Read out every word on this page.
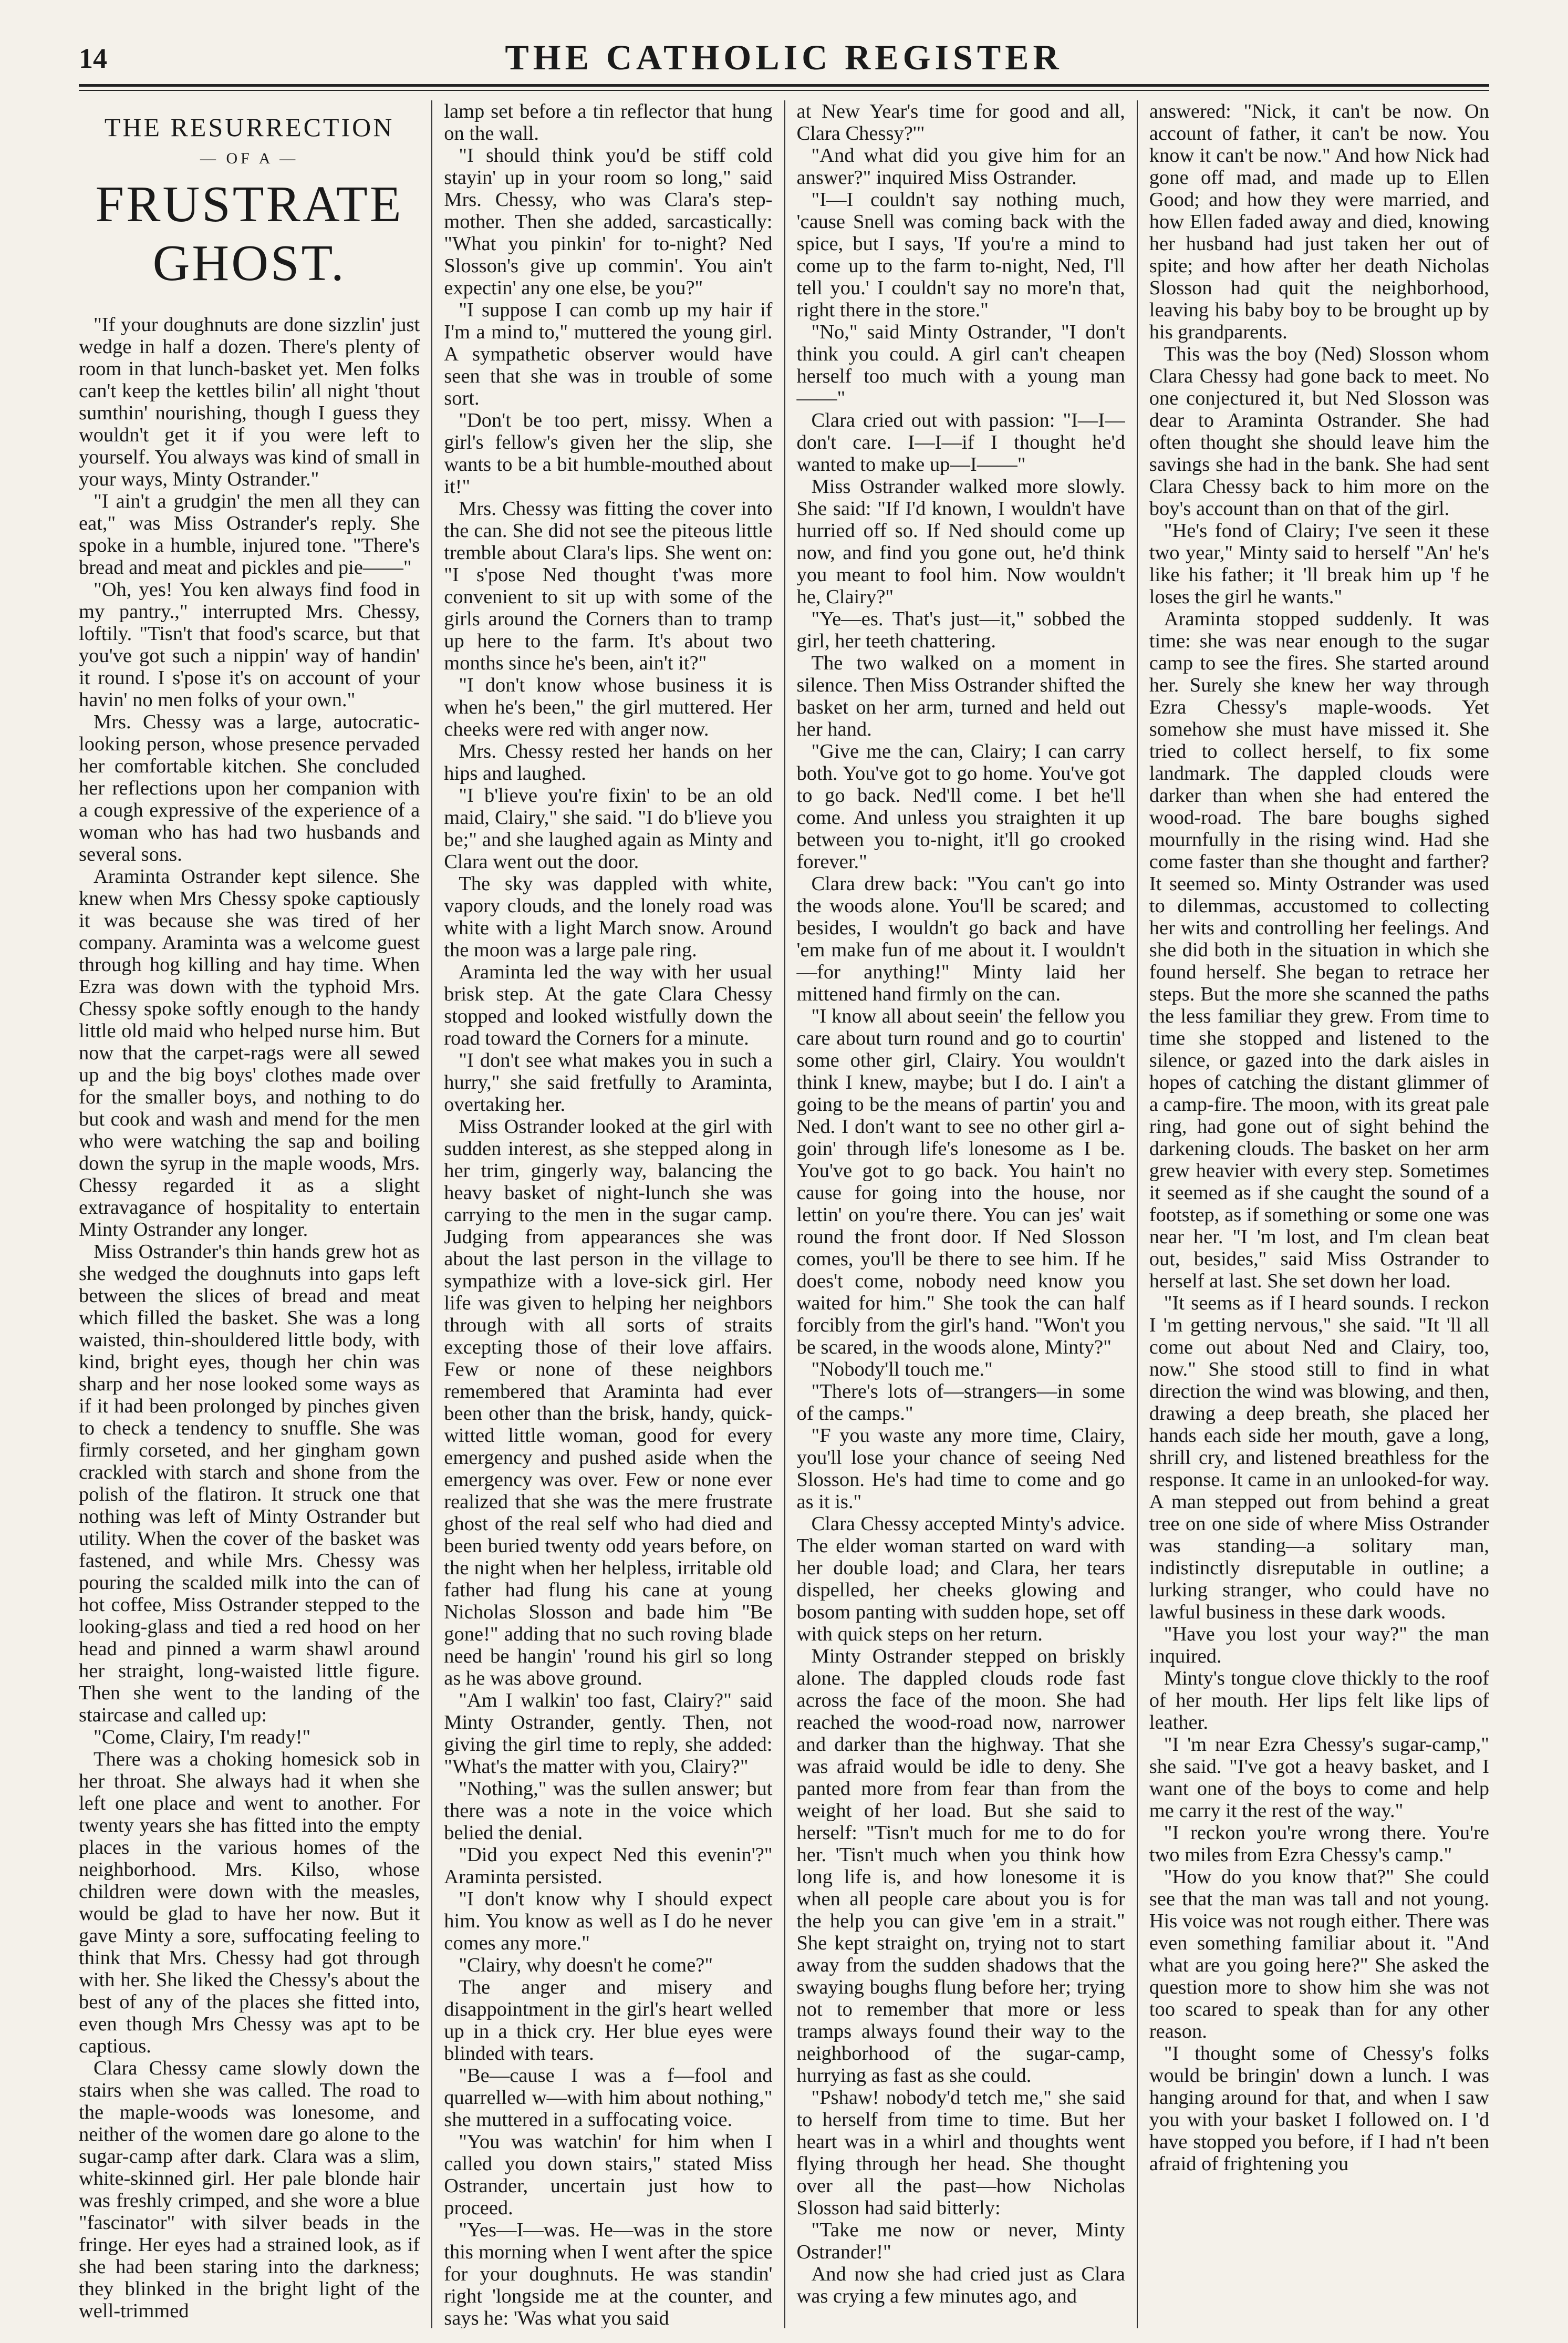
14	THE CATHOLIC REGISTER
THE RESURRECTION
— OF A —
FRUSTRATE GHOST.

"If your doughnuts are done sizzlin' just wedge in half a dozen. There's plenty of room in that lunch-basket yet. Men folks can't keep the kettles bilin' all night 'thout sumthin' nourishing, though I guess they wouldn't get it if you were left to yourself. You always was kind of small in your ways, Minty Ostrander."

"I ain't a grudgin' the men all they can eat," was Miss Ostrander's reply. She spoke in a humble, injured tone. "There's bread and meat and pickles and pie——"

"Oh, yes! You ken always find food in my pantry.," interrupted Mrs. Chessy, loftily. "Tisn't that food's scarce, but that you've got such a nippin' way of handin' it round. I s'pose it's on account of your havin' no men folks of your own."

Mrs. Chessy was a large, autocratic-looking person, whose presence pervaded her comfortable kitchen. She concluded her reflections upon her companion with a cough expressive of the experience of a woman who has had two husbands and several sons.

Araminta Ostrander kept silence. She knew when Mrs Chessy spoke captiously it was because she was tired of her company. Araminta was a welcome guest through hog killing and hay time. When Ezra was down with the typhoid Mrs. Chessy spoke softly enough to the handy little old maid who helped nurse him. But now that the carpet-rags were all sewed up and the big boys' clothes made over for the smaller boys, and nothing to do but cook and wash and mend for the men who were watching the sap and boiling down the syrup in the maple woods, Mrs. Chessy regarded it as a slight extravagance of hospitality to entertain Minty Ostrander any longer.

Miss Ostrander's thin hands grew hot as she wedged the doughnuts into gaps left between the slices of bread and meat which filled the basket. She was a long waisted, thin-shouldered little body, with kind, bright eyes, though her chin was sharp and her nose looked some ways as if it had been prolonged by pinches given to check a tendency to snuffle. She was firmly corseted, and her gingham gown crackled with starch and shone from the polish of the flatiron. It struck one that nothing was left of Minty Ostrander but utility. When the cover of the basket was fastened, and while Mrs. Chessy was pouring the scalded milk into the can of hot coffee, Miss Ostrander stepped to the looking-glass and tied a red hood on her head and pinned a warm shawl around her straight, long-waisted little figure. Then she went to the landing of the staircase and called up:

"Come, Clairy, I'm ready!"

There was a choking homesick sob in her throat. She always had it when she left one place and went to another. For twenty years she has fitted into the empty places in the various homes of the neighborhood. Mrs. Kilso, whose children were down with the measles, would be glad to have her now. But it gave Minty a sore, suffocating feeling to think that Mrs. Chessy had got through with her. She liked the Chessy's about the best of any of the places she fitted into, even though Mrs Chessy was apt to be captious.

Clara Chessy came slowly down the stairs when she was called. The road to the maple-woods was lonesome, and neither of the women dare go alone to the sugar-camp after dark. Clara was a slim, white-skinned girl. Her pale blonde hair was freshly crimped, and she wore a blue "fascinator" with silver beads in the fringe. Her eyes had a strained look, as if she had been staring into the darkness; they blinked in the bright light of the well-trimmed

lamp set before a tin reflector that hung on the wall.

"I should think you'd be stiff cold stayin' up in your room so long," said Mrs. Chessy, who was Clara's step-mother. Then she added, sarcastically: "What you pinkin' for to-night? Ned Slosson's give up commin'. You ain't expectin' any one else, be you?"

"I suppose I can comb up my hair if I'm a mind to," muttered the young girl. A sympathetic observer would have seen that she was in trouble of some sort.

"Don't be too pert, missy. When a girl's fellow's given her the slip, she wants to be a bit humble-mouthed about it!"

Mrs. Chessy was fitting the cover into the can. She did not see the piteous little tremble about Clara's lips. She went on: "I s'pose Ned thought t'was more convenient to sit up with some of the girls around the Corners than to tramp up here to the farm. It's about two months since he's been, ain't it?"

"I don't know whose business it is when he's been," the girl muttered. Her cheeks were red with anger now.

Mrs. Chessy rested her hands on her hips and laughed.

"I b'lieve you're fixin' to be an old maid, Clairy," she said. "I do b'lieve you be;" and she laughed again as Minty and Clara went out the door.

The sky was dappled with white, vapory clouds, and the lonely road was white with a light March snow. Around the moon was a large pale ring.

Araminta led the way with her usual brisk step. At the gate Clara Chessy stopped and looked wistfully down the road toward the Corners for a minute.

"I don't see what makes you in such a hurry," she said fretfully to Araminta, overtaking her.

Miss Ostrander looked at the girl with sudden interest, as she stepped along in her trim, gingerly way, balancing the heavy basket of night-lunch she was carrying to the men in the sugar camp. Judging from appearances she was about the last person in the village to sympathize with a love-sick girl. Her life was given to helping her neighbors through with all sorts of straits excepting those of their love affairs. Few or none of these neighbors remembered that Araminta had ever been other than the brisk, handy, quick-witted little woman, good for every emergency and pushed aside when the emergency was over. Few or none ever realized that she was the mere frustrate ghost of the real self who had died and been buried twenty odd years before, on the night when her helpless, irritable old father had flung his cane at young Nicholas Slosson and bade him "Be gone!" adding that no such roving blade need be hangin' 'round his girl so long as he was above ground.

"Am I walkin' too fast, Clairy?" said Minty Ostrander, gently. Then, not giving the girl time to reply, she added: "What's the matter with you, Clairy?"

"Nothing," was the sullen answer; but there was a note in the voice which belied the denial.

"Did you expect Ned this evenin'?" Araminta persisted.

"I don't know why I should expect him. You know as well as I do he never comes any more."

"Clairy, why doesn't he come?"

The anger and misery and disappointment in the girl's heart welled up in a thick cry. Her blue eyes were blinded with tears.

"Be—cause I was a f—fool and quarrelled w—with him about nothing," she muttered in a suffocating voice.

"You was watchin' for him when I called you down stairs," stated Miss Ostrander, uncertain just how to proceed.

"Yes—I—was. He—was in the store this morning when I went after the spice for your doughnuts. He was standin' right 'longside me at the counter, and says he: 'Was what you said

at New Year's time for good and all, Clara Chessy?'"

"And what did you give him for an answer?" inquired Miss Ostrander.

"I—I couldn't say nothing much, 'cause Snell was coming back with the spice, but I says, 'If you're a mind to come up to the farm to-night, Ned, I'll tell you.' I couldn't say no more'n that, right there in the store."

"No," said Minty Ostrander, "I don't think you could. A girl can't cheapen herself too much with a young man——"

Clara cried out with passion: "I—I—don't care. I—I—if I thought he'd wanted to make up—I——"

Miss Ostrander walked more slowly. She said: "If I'd known, I wouldn't have hurried off so. If Ned should come up now, and find you gone out, he'd think you meant to fool him. Now wouldn't he, Clairy?"

"Ye—es. That's just—it," sobbed the girl, her teeth chattering.

The two walked on a moment in silence. Then Miss Ostrander shifted the basket on her arm, turned and held out her hand.

"Give me the can, Clairy; I can carry both. You've got to go home. You've got to go back. Ned'll come. I bet he'll come. And unless you straighten it up between you to-night, it'll go crooked forever."

Clara drew back: "You can't go into the woods alone. You'll be scared; and besides, I wouldn't go back and have 'em make fun of me about it. I wouldn't—for anything!" Minty laid her mittened hand firmly on the can.

"I know all about seein' the fellow you care about turn round and go to courtin' some other girl, Clairy. You wouldn't think I knew, maybe; but I do. I ain't a going to be the means of partin' you and Ned. I don't want to see no other girl a-goin' through life's lonesome as I be. You've got to go back. You hain't no cause for going into the house, nor lettin' on you're there. You can jes' wait round the front door. If Ned Slosson comes, you'll be there to see him. If he does't come, nobody need know you waited for him." She took the can half forcibly from the girl's hand. "Won't you be scared, in the woods alone, Minty?"

"Nobody'll touch me."

"There's lots of—strangers—in some of the camps."

"F you waste any more time, Clairy, you'll lose your chance of seeing Ned Slosson. He's had time to come and go as it is."

Clara Chessy accepted Minty's advice. The elder woman started on ward with her double load; and Clara, her tears dispelled, her cheeks glowing and bosom panting with sudden hope, set off with quick steps on her return.

Minty Ostrander stepped on briskly alone. The dappled clouds rode fast across the face of the moon. She had reached the wood-road now, narrower and darker than the highway. That she was afraid would be idle to deny. She panted more from fear than from the weight of her load. But she said to herself: "Tisn't much for me to do for her. 'Tisn't much when you think how long life is, and how lonesome it is when all people care about you is for the help you can give 'em in a strait." She kept straight on, trying not to start away from the sudden shadows that the swaying boughs flung before her; trying not to remember that more or less tramps always found their way to the neighborhood of the sugar-camp, hurrying as fast as she could.

"Pshaw! nobody'd tetch me," she said to herself from time to time. But her heart was in a whirl and thoughts went flying through her head. She thought over all the past—how Nicholas Slosson had said bitterly:

"Take me now or never, Minty Ostrander!"

And now she had cried just as Clara was crying a few minutes ago, and

answered: "Nick, it can't be now. On account of father, it can't be now. You know it can't be now." And how Nick had gone off mad, and made up to Ellen Good; and how they were married, and how Ellen faded away and died, knowing her husband had just taken her out of spite; and how after her death Nicholas Slosson had quit the neighborhood, leaving his baby boy to be brought up by his grandparents.

This was the boy (Ned) Slosson whom Clara Chessy had gone back to meet. No one conjectured it, but Ned Slosson was dear to Araminta Ostrander. She had often thought she should leave him the savings she had in the bank. She had sent Clara Chessy back to him more on the boy's account than on that of the girl.

"He's fond of Clairy; I've seen it these two year," Minty said to herself "An' he's like his father; it 'll break him up 'f he loses the girl he wants."

Araminta stopped suddenly. It was time: she was near enough to the sugar camp to see the fires. She started around her. Surely she knew her way through Ezra Chessy's maple-woods. Yet somehow she must have missed it. She tried to collect herself, to fix some landmark. The dappled clouds were darker than when she had entered the wood-road. The bare boughs sighed mournfully in the rising wind. Had she come faster than she thought and farther? It seemed so. Minty Ostrander was used to dilemmas, accustomed to collecting her wits and controlling her feelings. And she did both in the situation in which she found herself. She began to retrace her steps. But the more she scanned the paths the less familiar they grew. From time to time she stopped and listened to the silence, or gazed into the dark aisles in hopes of catching the distant glimmer of a camp-fire. The moon, with its great pale ring, had gone out of sight behind the darkening clouds. The basket on her arm grew heavier with every step. Sometimes it seemed as if she caught the sound of a footstep, as if something or some one was near her. "I 'm lost, and I'm clean beat out, besides," said Miss Ostrander to herself at last. She set down her load.

"It seems as if I heard sounds. I reckon I 'm getting nervous," she said. "It 'll all come out about Ned and Clairy, too, now." She stood still to find in what direction the wind was blowing, and then, drawing a deep breath, she placed her hands each side her mouth, gave a long, shrill cry, and listened breathless for the response. It came in an unlooked-for way. A man stepped out from behind a great tree on one side of where Miss Ostrander was standing—a solitary man, indistinctly disreputable in outline; a lurking stranger, who could have no lawful business in these dark woods.

"Have you lost your way?" the man inquired.

Minty's tongue clove thickly to the roof of her mouth. Her lips felt like lips of leather.

"I 'm near Ezra Chessy's sugar-camp," she said. "I've got a heavy basket, and I want one of the boys to come and help me carry it the rest of the way."

"I reckon you're wrong there. You're two miles from Ezra Chessy's camp."

"How do you know that?" She could see that the man was tall and not young. His voice was not rough either. There was even something familiar about it. "And what are you going here?" She asked the question more to show him she was not too scared to speak than for any other reason.

"I thought some of Chessy's folks would be bringin' down a lunch. I was hanging around for that, and when I saw you with your basket I followed on. I 'd have stopped you before, if I had n't been afraid of frightening you
